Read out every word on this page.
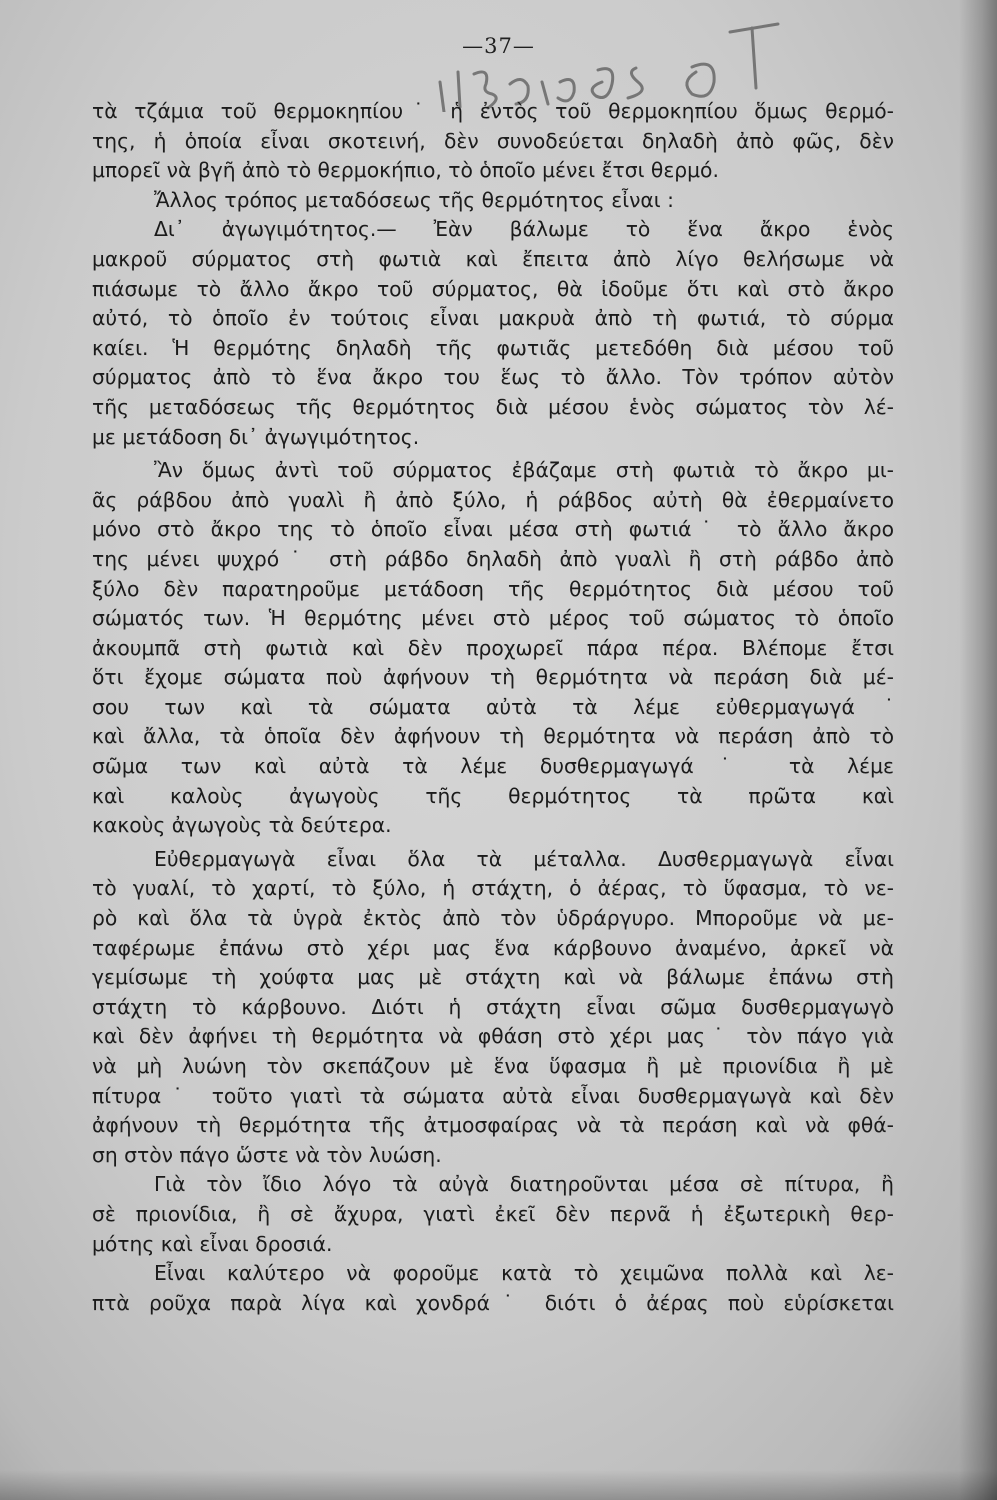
—37—
τὰ τζάμια τοῦ θερμοκηπίου˙ ἡ ἐντὸς τοῦ θερμοκηπίου ὅμως θερμό-
της, ἡ ὁποία εἶναι σκοτεινή, δὲν συνοδεύεται δηλαδὴ ἀπὸ φῶς, δὲν
μπορεῖ νὰ βγῆ ἀπὸ τὸ θερμοκήπιο, τὸ ὁποῖο μένει ἔτσι θερμό.
Ἄλλος τρόπος μεταδόσεως τῆς θερμότητος εἶναι :
Δι᾽ ἀγωγιμότητος.— Ἐὰν βάλωμε τὸ ἕνα ἄκρο ἑνὸς
μακροῦ σύρματος στὴ φωτιὰ καὶ ἔπειτα ἀπὸ λίγο θελήσωμε νὰ
πιάσωμε τὸ ἄλλο ἄκρο τοῦ σύρματος, θὰ ἰδοῦμε ὅτι καὶ στὸ ἄκρο
αὐτό, τὸ ὁποῖο ἐν τούτοις εἶναι μακρυὰ ἀπὸ τὴ φωτιά, τὸ σύρμα
καίει. Ἡ θερμότης δηλαδὴ τῆς φωτιᾶς μετεδόθη διὰ μέσου τοῦ
σύρματος ἀπὸ τὸ ἕνα ἄκρο του ἕως τὸ ἄλλο. Τὸν τρόπον αὐτὸν
τῆς μεταδόσεως τῆς θερμότητος διὰ μέσου ἑνὸς σώματος τὸν λέ-
με μετάδοση δι᾽ ἀγωγιμότητος.
Ἂν ὅμως ἀντὶ τοῦ σύρματος ἐβάζαμε στὴ φωτιὰ τὸ ἄκρο μι-
ᾶς ράβδου ἀπὸ γυαλὶ ἢ ἀπὸ ξύλο, ἡ ράβδος αὐτὴ θὰ ἐθερμαίνετο
μόνο στὸ ἄκρο της τὸ ὁποῖο εἶναι μέσα στὴ φωτιά˙ τὸ ἄλλο ἄκρο
της μένει ψυχρό˙ στὴ ράβδο δηλαδὴ ἀπὸ γυαλὶ ἢ στὴ ράβδο ἀπὸ
ξύλο δὲν παρατηροῦμε μετάδοση τῆς θερμότητος διὰ μέσου τοῦ
σώματός των. Ἡ θερμότης μένει στὸ μέρος τοῦ σώματος τὸ ὁποῖο
ἀκουμπᾶ στὴ φωτιὰ καὶ δὲν προχωρεῖ πάρα πέρα. Βλέπομε ἔτσι
ὅτι ἔχομε σώματα ποὺ ἀφήνουν τὴ θερμότητα νὰ περάση διὰ μέ-
σου των καὶ τὰ σώματα αὐτὰ τὰ λέμε εὐθερμαγωγά˙
καὶ ἄλλα, τὰ ὁποῖα δὲν ἀφήνουν τὴ θερμότητα νὰ περάση ἀπὸ τὸ
σῶμα των καὶ αὐτὰ τὰ λέμε δυσθερμαγωγά˙ τὰ λέμε
καὶ καλοὺς ἀγωγοὺς τῆς θερμότητος τὰ πρῶτα καὶ
κακοὺς ἀγωγοὺς τὰ δεύτερα.
Εὐθερμαγωγὰ εἶναι ὅλα τὰ μέταλλα. Δυσθερμαγωγὰ εἶναι
τὸ γυαλί, τὸ χαρτί, τὸ ξύλο, ἡ στάχτη, ὁ ἀέρας, τὸ ὕφασμα, τὸ νε-
ρὸ καὶ ὅλα τὰ ὑγρὰ ἐκτὸς ἀπὸ τὸν ὑδράργυρο. Μποροῦμε νὰ με-
ταφέρωμε ἐπάνω στὸ χέρι μας ἕνα κάρβουνο ἀναμένο, ἀρκεῖ νὰ
γεμίσωμε τὴ χούφτα μας μὲ στάχτη καὶ νὰ βάλωμε ἐπάνω στὴ
στάχτη τὸ κάρβουνο. Διότι ἡ στάχτη εἶναι σῶμα δυσθερμαγωγὸ
καὶ δὲν ἀφήνει τὴ θερμότητα νὰ φθάση στὸ χέρι μας˙ τὸν πάγο γιὰ
νὰ μὴ λυώνη τὸν σκεπάζουν μὲ ἕνα ὕφασμα ἢ μὲ πριονίδια ἢ μὲ
πίτυρα˙ τοῦτο γιατὶ τὰ σώματα αὐτὰ εἶναι δυσθερμαγωγὰ καὶ δὲν
ἀφήνουν τὴ θερμότητα τῆς ἀτμοσφαίρας νὰ τὰ περάση καὶ νὰ φθά-
ση στὸν πάγο ὥστε νὰ τὸν λυώση.
Γιὰ τὸν ἴδιο λόγο τὰ αὐγὰ διατηροῦνται μέσα σὲ πίτυρα, ἢ
σὲ πριονίδια, ἢ σὲ ἄχυρα, γιατὶ ἐκεῖ δὲν περνᾶ ἡ ἐξωτερικὴ θερ-
μότης καὶ εἶναι δροσιά.
Εἶναι καλύτερο νὰ φοροῦμε κατὰ τὸ χειμῶνα πολλὰ καὶ λε-
πτὰ ροῦχα παρὰ λίγα καὶ χονδρά˙ διότι ὁ ἀέρας ποὺ εὑρίσκεται
